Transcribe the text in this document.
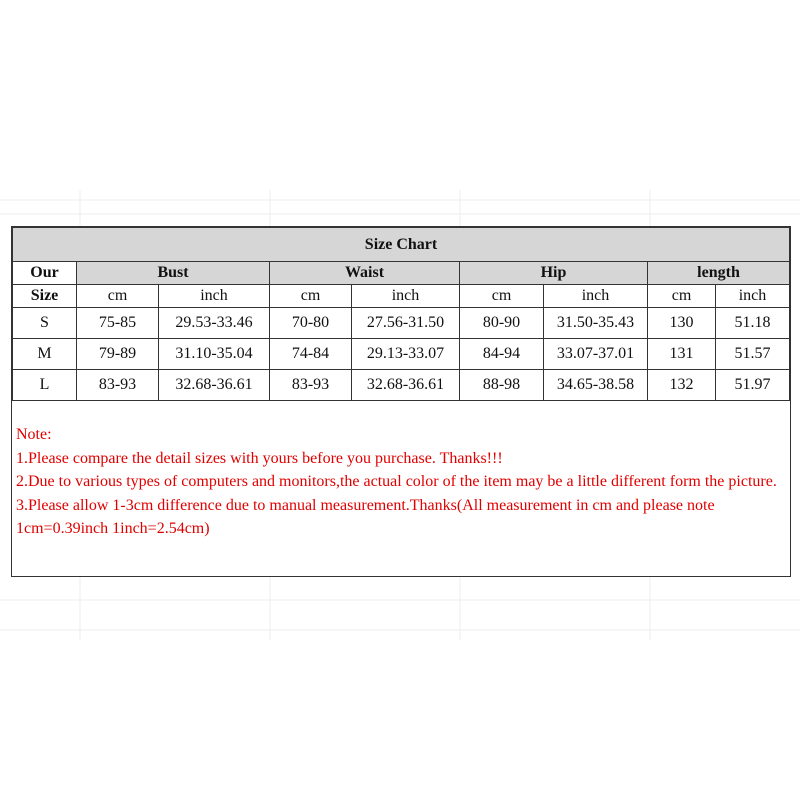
Size Chart								
Our	Bust		Waist		Hip		length	
Size	cm	inch	cm	inch	cm	inch	cm	inch
S	75-85	29.53-33.46	70-80	27.56-31.50	80-90	31.50-35.43	130	51.18
M	79-89	31.10-35.04	74-84	29.13-33.07	84-94	33.07-37.01	131	51.57
L	83-93	32.68-36.61	83-93	32.68-36.61	88-98	34.65-38.58	132	51.97
Note:
1.Please compare the detail sizes with yours before you purchase. Thanks!!!
2.Due to various types of computers and monitors,the actual color of the item may be a little different form the picture.
3.Please allow 1-3cm difference due to manual measurement.Thanks(All measurement in cm and please note 1cm=0.39inch 1inch=2.54cm)
